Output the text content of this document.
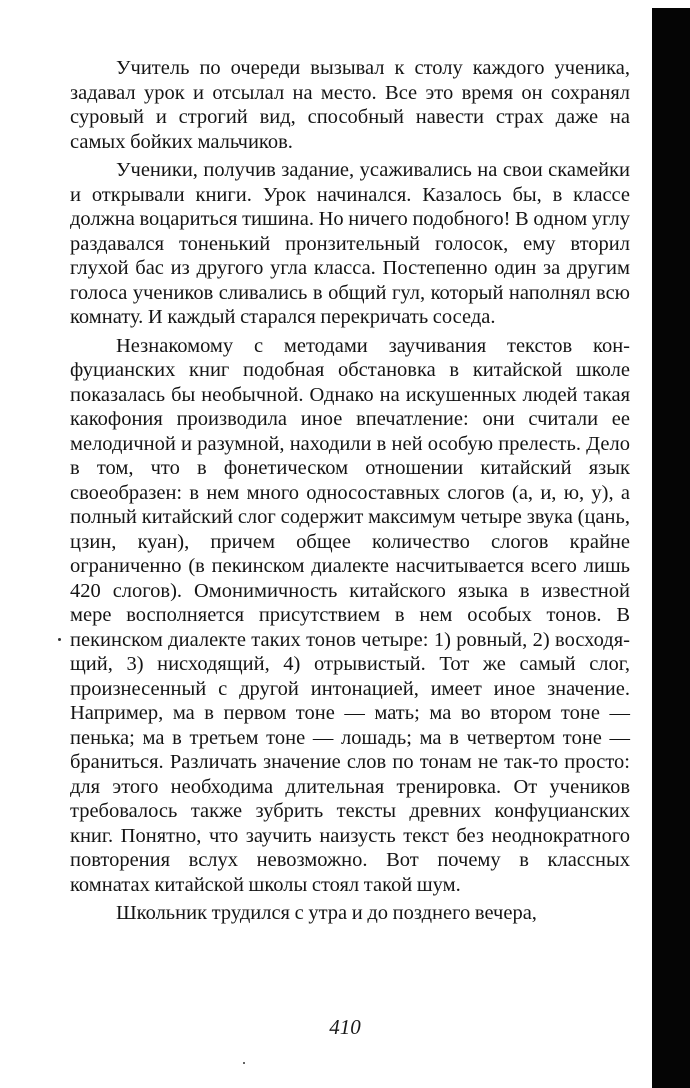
Учитель по очереди вызывал к столу каждого ученика, задавал урок и отсылал на место. Все это время он сохранял суровый и строгий вид, способный навести страх даже на самых бойких мальчиков.

Ученики, получив задание, усаживались на свои скамейки и открывали книги. Урок начинался. Казалось бы, в классе должна воцариться тишина. Но ничего подобного! В одном углу раздавался тоненький пронзительный голосок, ему вторил глухой бас из другого угла класса. Постепенно один за другим голоса учеников сливались в общий гул, который наполнял всю комнату. И каждый старался перекричать соседа.

Незнакомому с методами заучивания текстов конфуцианских книг подобная обстановка в китайской школе показалась бы необычной. Однако на искушенных людей такая какофония производила иное впечатление: они считали ее мелодичной и разумной, находили в ней особую прелесть. Дело в том, что в фонетическом отношении китайский язык своеобразен: в нем много односоставных слогов (а, и, ю, у), а полный китайский слог содержит максимум четыре звука (цань, цзин, куан), причем общее количество слогов крайне ограниченно (в пекинском диалекте насчитывается всего лишь 420 слогов). Омонимичность китайского языка в известной мере восполняется присутствием в нем особых тонов. В пекинском диалекте таких тонов четыре: 1) ровный, 2) восходящий, 3) нисходящий, 4) отрывистый. Тот же самый слог, произнесенный с другой интонацией, имеет иное значение. Например, ма в первом тоне — мать; ма во втором тоне — пенька; ма в третьем тоне — лошадь; ма в четвертом тоне — браниться. Различать значение слов по тонам не так-то просто: для этого необходима длительная тренировка. От учеников требовалось также зубрить тексты древних конфуцианских книг. Понятно, что заучить наизусть текст без неоднократного повторения вслух невозможно. Вот почему в классных комнатах китайской школы стоял такой шум.

Школьник трудился с утра и до позднего вечера,

410
